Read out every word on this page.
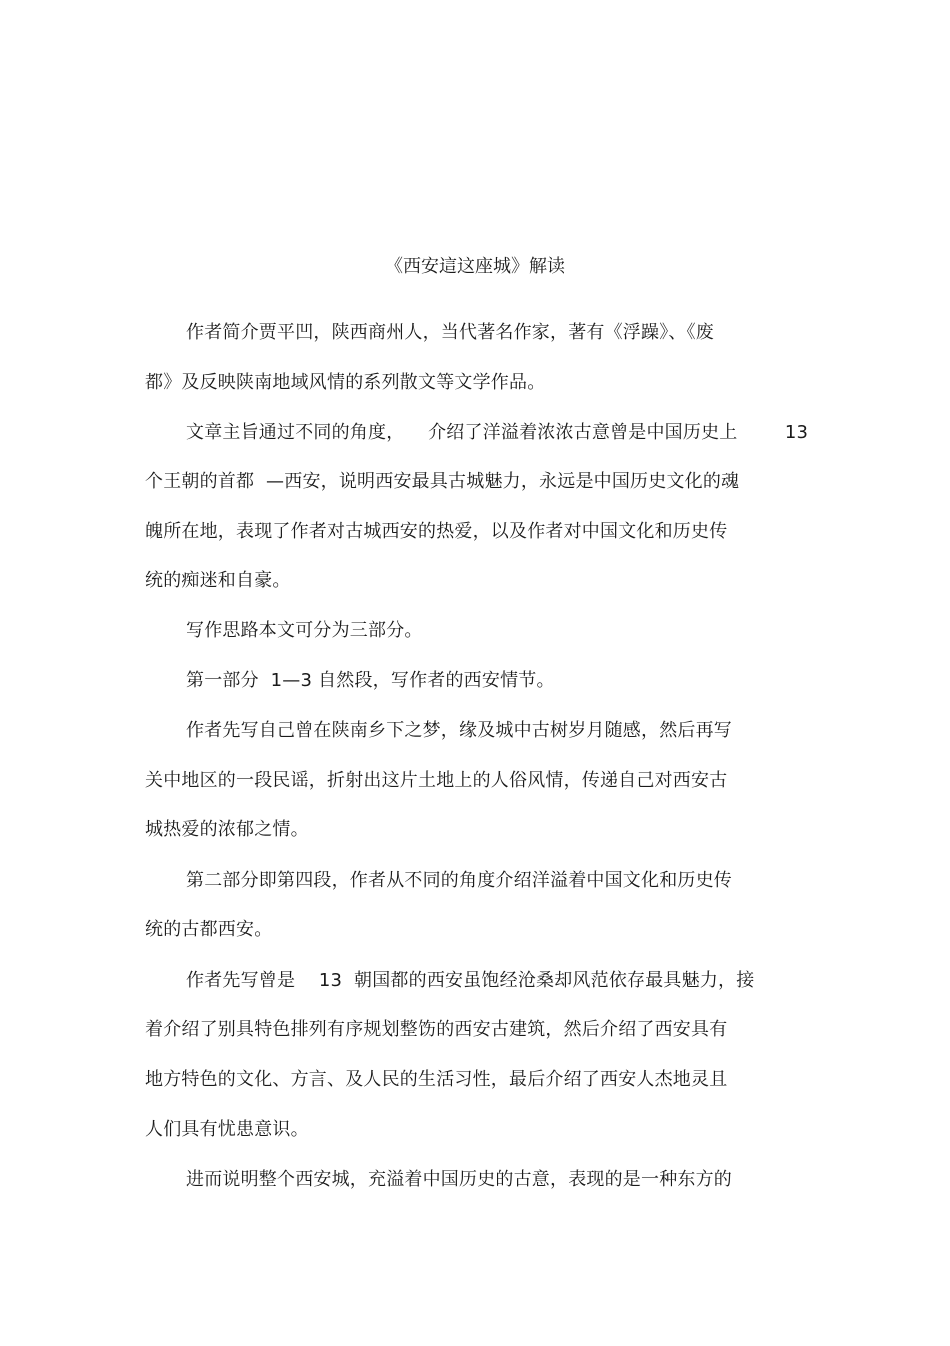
《西安這这座城》解读
作者简介贾平凹，陕西商州人，当代著名作家，著有《浮躁》、《废
都》及反映陕南地域风情的系列散文等文学作品。
文章主旨通过不同的角度，    介绍了洋溢着浓浓古意曾是中国历史上        13
个王朝的首都  —西安，说明西安最具古城魅力，永远是中国历史文化的魂
魄所在地，表现了作者对古城西安的热爱，以及作者对中国文化和历史传
统的痴迷和自豪。
写作思路本文可分为三部分。
第一部分  1—3 自然段，写作者的西安情节。
作者先写自己曾在陕南乡下之梦，缘及城中古树岁月随感，然后再写
关中地区的一段民谣，折射出这片土地上的人俗风情，传递自己对西安古
城热爱的浓郁之情。
第二部分即第四段，作者从不同的角度介绍洋溢着中国文化和历史传
统的古都西安。
作者先写曾是    13  朝国都的西安虽饱经沧桑却风范依存最具魅力，接
着介绍了别具特色排列有序规划整饬的西安古建筑，然后介绍了西安具有
地方特色的文化、方言、及人民的生活习性，最后介绍了西安人杰地灵且
人们具有忧患意识。
进而说明整个西安城，充溢着中国历史的古意，表现的是一种东方的
